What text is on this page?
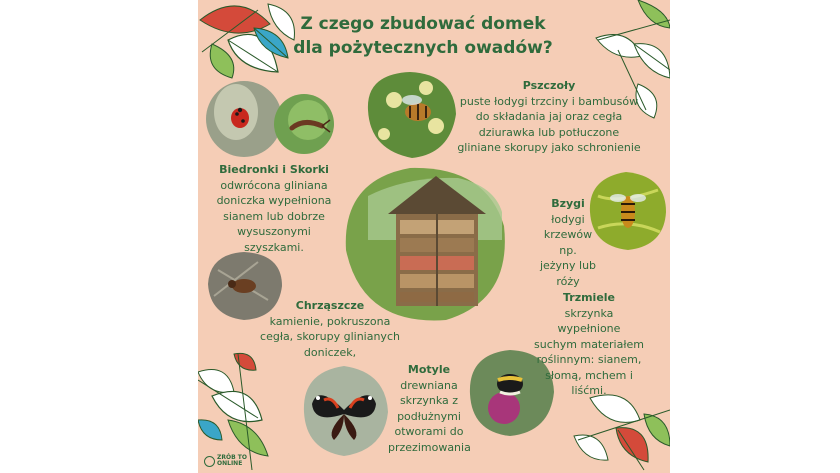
Z czego zbudować domek
dla pożytecznych owadów?
Pszczoły
puste łodygi trzciny i bambusów
do składania jaj oraz cegła
dziurawka lub potłuczone
gliniane skorupy jako schronienie
Biedronki i Skorki
odwrócona gliniana
doniczka wypełniona
sianem lub dobrze
wysuszonymi szyszkami.
Bzygi
łodygi
krzewów np.
jeżyny lub
róży
Chrząszcze
kamienie, pokruszona
cegła, skorupy glinianych
doniczek,
Trzmiele
skrzynka wypełnione
suchym materiałem
roślinnym: sianem,
słomą, mchem i
liśćmi.
Motyle
drewniana
skrzynka z
podłużnymi
otworami do
przezimowania
ZRÓB TO
ONLINE
